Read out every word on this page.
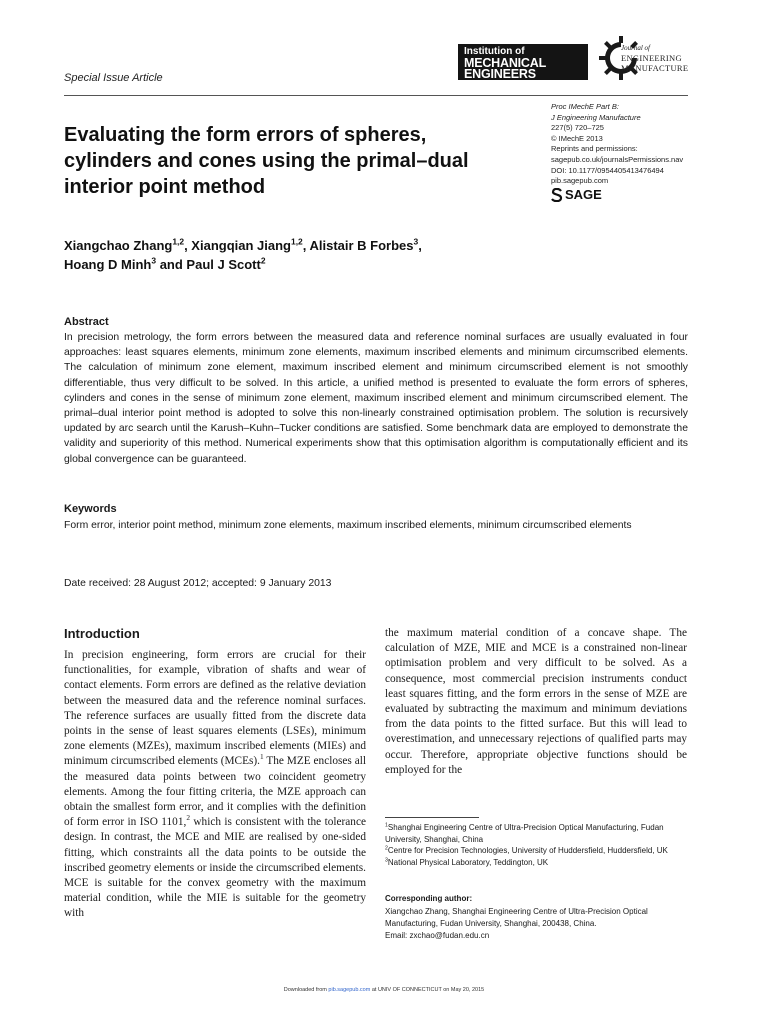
Special Issue Article
Institution of
MECHANICAL
ENGINEERS
Journal of
ENGINEERING
MANUFACTURE
Proc IMechE Part B:
J Engineering Manufacture
227(5) 720–725
© IMechE 2013
Reprints and permissions:
sagepub.co.uk/journalsPermissions.nav
DOI: 10.1177/0954405413476494
pib.sagepub.com
SAGE
Evaluating the form errors of spheres, cylinders and cones using the primal–dual interior point method
Xiangchao Zhang$^{1,2}$, Xiangqian Jiang$^{1,2}$, Alistair B Forbes$^3$,
Hoang D Minh$^3$ and Paul J Scott$^2$
Abstract
In precision metrology, the form errors between the measured data and reference nominal surfaces are usually evaluated in four approaches: least squares elements, minimum zone elements, maximum inscribed elements and minimum circumscribed elements. The calculation of minimum zone element, maximum inscribed element and minimum circumscribed element is not smoothly differentiable, thus very difficult to be solved. In this article, a unified method is presented to evaluate the form errors of spheres, cylinders and cones in the sense of minimum zone element, maximum inscribed element and minimum circumscribed element. The primal–dual interior point method is adopted to solve this non-linearly constrained optimisation problem. The solution is recursively updated by arc search until the Karush–Kuhn–Tucker conditions are satisfied. Some benchmark data are employed to demonstrate the validity and superiority of this method. Numerical experiments show that this optimisation algorithm is computationally efficient and its global convergence can be guaranteed.
Keywords
Form error, interior point method, minimum zone elements, maximum inscribed elements, minimum circumscribed elements
Date received: 28 August 2012; accepted: 9 January 2013
Introduction
In precision engineering, form errors are crucial for their functionalities, for example, vibration of shafts and wear of contact elements. Form errors are defined as the relative deviation between the measured data and the reference nominal surfaces. The reference surfaces are usually fitted from the discrete data points in the sense of least squares elements (LSEs), minimum zone elements (MZEs), maximum inscribed elements (MIEs) and minimum circumscribed elements (MCEs).$^1$ The MZE encloses all the measured data points between two coincident geometry elements. Among the four fitting criteria, the MZE approach can obtain the smallest form error, and it complies with the definition of form error in ISO 1101,$^2$ which is consistent with the tolerance design. In contrast, the MCE and MIE are realised by one-sided fitting, which constraints all the data points to be outside the inscribed geometry elements or inside the circumscribed elements. MCE is suitable for the convex geometry with the maximum material condition, while the MIE is suitable for the geometry with
the maximum material condition of a concave shape. The calculation of MZE, MIE and MCE is a constrained non-linear optimisation problem and very difficult to be solved. As a consequence, most commercial precision instruments conduct least squares fitting, and the form errors in the sense of MZE are evaluated by subtracting the maximum and minimum deviations from the data points to the fitted surface. But this will lead to overestimation, and unnecessary rejections of qualified parts may occur. Therefore, appropriate objective functions should be employed for the
$^1$Shanghai Engineering Centre of Ultra-Precision Optical Manufacturing, Fudan University, Shanghai, China
$^2$Centre for Precision Technologies, University of Huddersfield, Huddersfield, UK
$^3$National Physical Laboratory, Teddington, UK
Corresponding author:
Xiangchao Zhang, Shanghai Engineering Centre of Ultra-Precision Optical
Manufacturing, Fudan University, Shanghai, 200438, China.
Email: zxchao@fudan.edu.cn
Downloaded from pib.sagepub.com at UNIV OF CONNECTICUT on May 20, 2015
